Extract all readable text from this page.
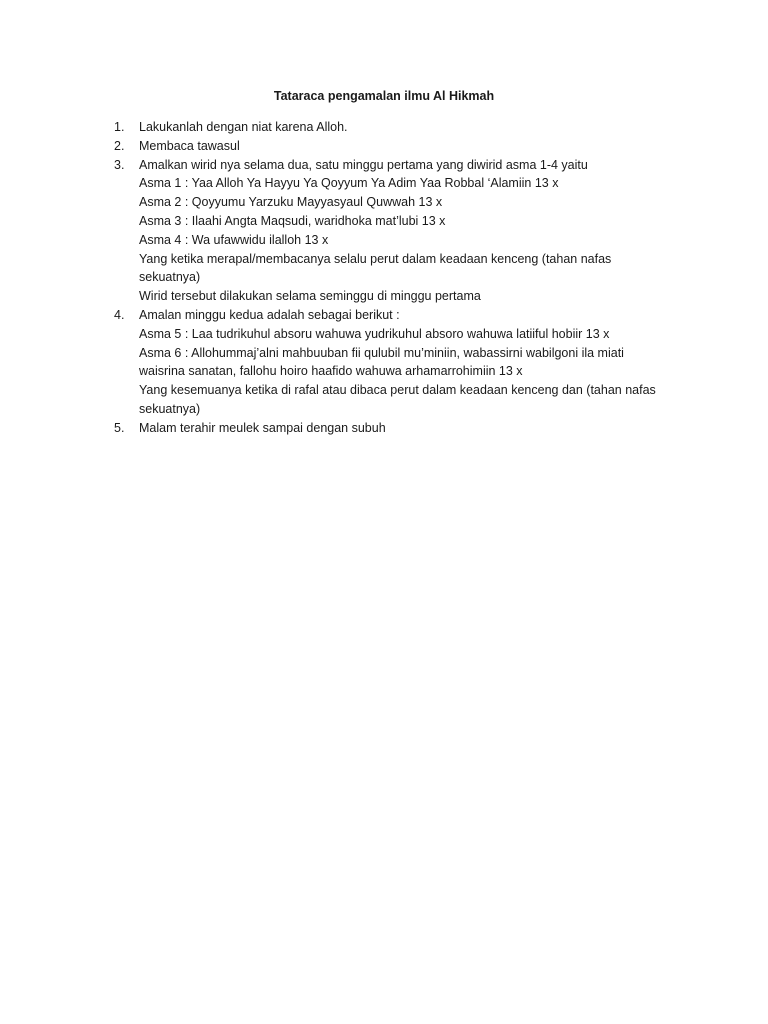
Tataraca pengamalan ilmu Al Hikmah
1. Lakukanlah dengan niat karena Alloh.
2. Membaca tawasul
3. Amalkan wirid nya selama dua, satu minggu pertama yang diwirid asma 1-4 yaitu
Asma 1 : Yaa Alloh Ya Hayyu Ya Qoyyum Ya Adim Yaa Robbal ‘Alamiin 13 x
Asma 2 : Qoyyumu Yarzuku Mayyasyaul Quwwah 13 x
Asma 3 : Ilaahi Angta Maqsudi, waridhoka mat’lubi 13 x
Asma 4 : Wa ufawwidu ilalloh 13 x
Yang ketika merapal/membacanya selalu perut dalam keadaan kenceng (tahan nafas
sekuatnya)
Wirid tersebut dilakukan selama seminggu di minggu pertama
4. Amalan minggu kedua adalah sebagai berikut :
Asma 5 : Laa tudrikuhul absoru wahuwa yudrikuhul absoro wahuwa latiiful hobiir 13 x
Asma 6 : Allohummaj’alni mahbuuban fii qulubil mu’miniin, wabassirni wabilgoni ila miati
waisrina sanatan, fallohu hoiro haafido wahuwa arhamarrohimiin 13 x
Yang kesemuanya ketika di rafal atau dibaca perut dalam keadaan kenceng dan (tahan nafas
sekuatnya)
5. Malam terahir meulek sampai dengan subuh
